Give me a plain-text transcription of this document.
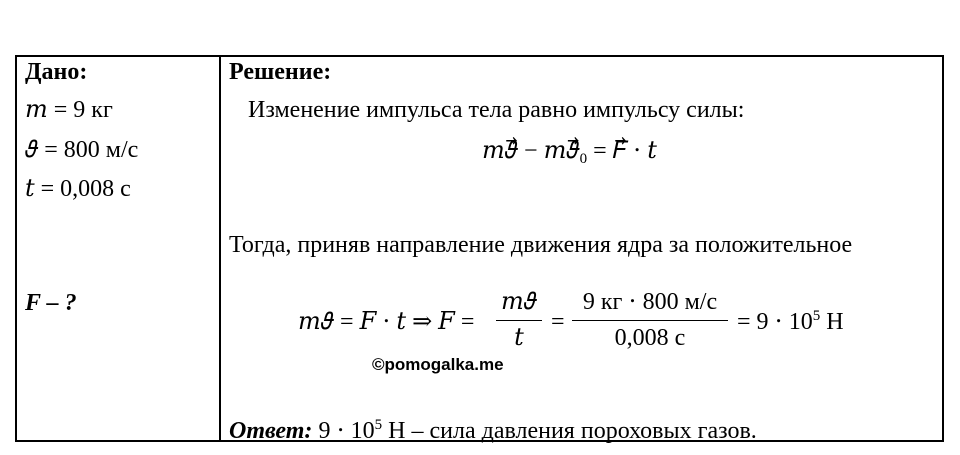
Дано:
𝑚 = 9 кг
𝜗 = 800 м/с
𝑡 = 0,008 с
F – ?
Решение:
Изменение импульса тела равно импульсу силы:
𝑚𝜗⃗ − $𝑚𝜗⃗_0$ = 𝐹⃗ ⋅ 𝑡
Тогда, приняв направление движения ядра за положительное
𝑚𝜗 = 𝐹 ⋅ 𝑡 ⇒ 𝐹 =
𝑚𝜗
𝑡
=
9 кг ⋅ 800 м/с
0,008 с
= $9 \cdot 10^5$ Н
©pomogalka.me
Ответ: $9 \cdot 10^5$ Н – сила давления пороховых газов.
